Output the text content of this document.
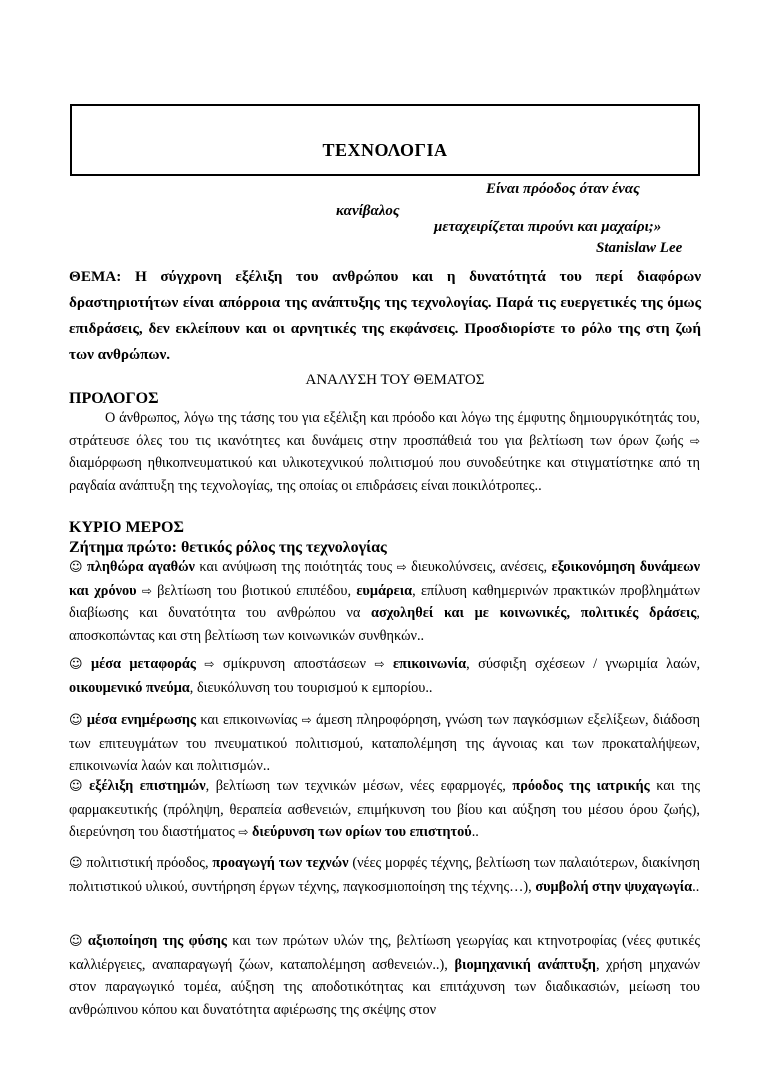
ΤΕΧΝΟΛΟΓΙΑ
Είναι πρόοδος όταν ένας
κανίβαλος
μεταχειρίζεται πιρούνι και μαχαίρι;»
Stanislaw Lee
ΘΕΜΑ: Η σύγχρονη εξέλιξη του ανθρώπου και η δυνατότητά του περί διαφόρων δραστηριοτήτων είναι απόρροια της ανάπτυξης της τεχνολογίας. Παρά τις ευεργετικές της όμως επιδράσεις, δεν εκλείπουν και οι αρνητικές της εκφάνσεις. Προσδιορίστε το ρόλο της στη ζωή των ανθρώπων.
ΑΝΑΛΥΣΗ ΤΟΥ ΘΕΜΑΤΟΣ
ΠΡΟΛΟΓΟΣ
Ο άνθρωπος, λόγω της τάσης του για εξέλιξη και πρόοδο και λόγω της έμφυτης δημιουργικότητάς του, στράτευσε όλες του τις ικανότητες και δυνάμεις στην προσπάθειά του για βελτίωση των όρων ζωής ⇨ διαμόρφωση ηθικοπνευματικού και υλικοτεχνικού πολιτισμού που συνοδεύτηκε και στιγματίστηκε από τη ραγδαία ανάπτυξη της τεχνολογίας, της οποίας οι επιδράσεις είναι ποικιλότροπες..
ΚΥΡΙΟ ΜΕΡΟΣ
Ζήτημα πρώτο: θετικός ρόλος της τεχνολογίας
☺ πληθώρα αγαθών και ανύψωση της ποιότητάς τους ⇨ διευκολύνσεις, ανέσεις, εξοικονόμηση δυνάμεων και χρόνου ⇨ βελτίωση του βιοτικού επιπέδου, ευμάρεια, επίλυση καθημερινών πρακτικών προβλημάτων διαβίωσης και δυνατότητα του ανθρώπου να ασχοληθεί και με κοινωνικές, πολιτικές δράσεις, αποσκοπώντας και στη βελτίωση των κοινωνικών συνθηκών..
☺ μέσα μεταφοράς ⇨ σμίκρυνση αποστάσεων ⇨ επικοινωνία, σύσφιξη σχέσεων / γνωριμία λαών, οικουμενικό πνεύμα, διευκόλυνση του τουρισμού κ εμπορίου..
☺ μέσα ενημέρωσης και επικοινωνίας ⇨ άμεση πληροφόρηση, γνώση των παγκόσμιων εξελίξεων, διάδοση των επιτευγμάτων του πνευματικού πολιτισμού, καταπολέμηση της άγνοιας και των προκαταλήψεων, επικοινωνία λαών και πολιτισμών..
☺ εξέλιξη επιστημών, βελτίωση των τεχνικών μέσων, νέες εφαρμογές, πρόοδος της ιατρικής και της φαρμακευτικής (πρόληψη, θεραπεία ασθενειών, επιμήκυνση του βίου και αύξηση του μέσου όρου ζωής), διερεύνηση του διαστήματος ⇨ διεύρυνση των ορίων του επιστητού..
☺ πολιτιστική πρόοδος, προαγωγή των τεχνών (νέες μορφές τέχνης, βελτίωση των παλαιότερων, διακίνηση πολιτιστικού υλικού, συντήρηση έργων τέχνης, παγκοσμιοποίηση της τέχνης…), συμβολή στην ψυχαγωγία..
☺ αξιοποίηση της φύσης και των πρώτων υλών της, βελτίωση γεωργίας και κτηνοτροφίας (νέες φυτικές καλλιέργειες, αναπαραγωγή ζώων, καταπολέμηση ασθενειών..), βιομηχανική ανάπτυξη, χρήση μηχανών στον παραγωγικό τομέα, αύξηση της αποδοτικότητας και επιτάχυνση των διαδικασιών, μείωση του ανθρώπινου κόπου και δυνατότητα αφιέρωσης της σκέψης στον
